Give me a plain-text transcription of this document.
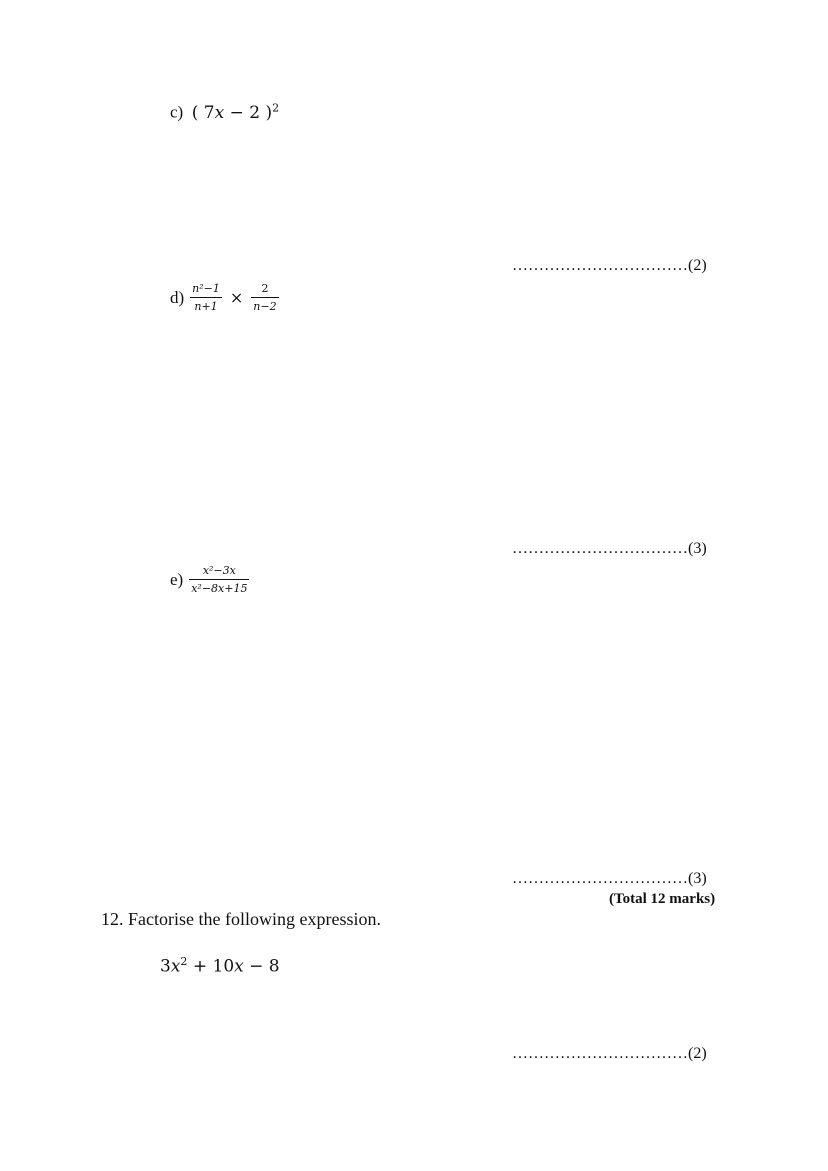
c) ( 7x − 2 )$^2$
……………………………(2)
$d) \frac{\text{n²−1}}{n+1} \times \frac{2}{n-2}$
……………………………(3)
$e) \frac{\text{x²−3x}}{\text{x²−8x+15}}$
……………………………(3)
(Total 12 marks)
12. Factorise the following expression.
$3x^2 + 10x - 8$
……………………………(2)
